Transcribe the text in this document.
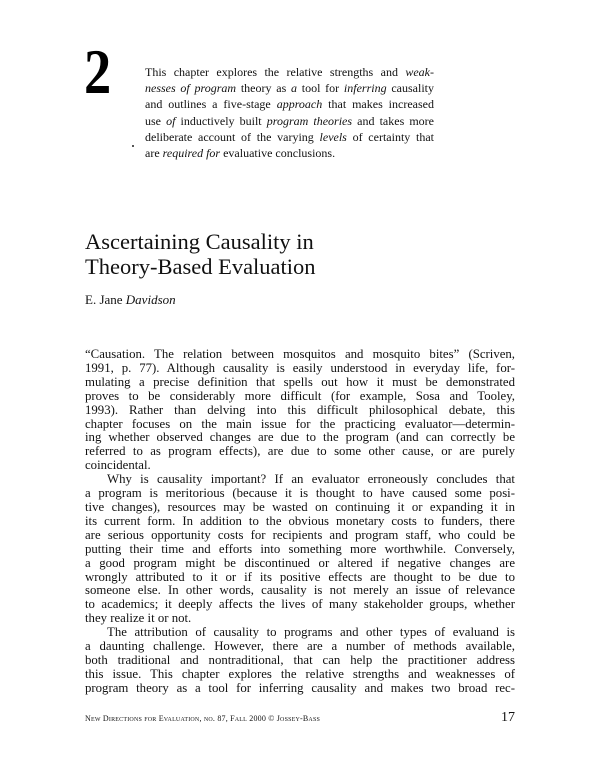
2	This chapter explores the relative strengths and weak-
nesses of program theory as a tool for inferring causality
and outlines a five-stage approach that makes increased
use of inductively built program theories and takes more
deliberate account of the varying levels of certainty that
are required for evaluative conclusions.
Ascertaining Causality in
Theory-Based Evaluation
E. Jane Davidson
“Causation. The relation between mosquitos and mosquito bites” (Scriven,
1991, p. 77). Although causality is easily understood in everyday life, for-
mulating a precise definition that spells out how it must be demonstrated
proves to be considerably more difficult (for example, Sosa and Tooley,
1993). Rather than delving into this difficult philosophical debate, this
chapter focuses on the main issue for the practicing evaluator—determin-
ing whether observed changes are due to the program (and can correctly be
referred to as program effects), are due to some other cause, or are purely
coincidental.
Why is causality important? If an evaluator erroneously concludes that
a program is meritorious (because it is thought to have caused some posi-
tive changes), resources may be wasted on continuing it or expanding it in
its current form. In addition to the obvious monetary costs to funders, there
are serious opportunity costs for recipients and program staff, who could be
putting their time and efforts into something more worthwhile. Conversely,
a good program might be discontinued or altered if negative changes are
wrongly attributed to it or if its positive effects are thought to be due to
someone else. In other words, causality is not merely an issue of relevance
to academics; it deeply affects the lives of many stakeholder groups, whether
they realize it or not.
The attribution of causality to programs and other types of evaluand is
a daunting challenge. However, there are a number of methods available,
both traditional and nontraditional, that can help the practitioner address
this issue. This chapter explores the relative strengths and weaknesses of
program theory as a tool for inferring causality and makes two broad rec-
New Directions for Evaluation, no. 87, Fall 2000 © Jossey-Bass	17
